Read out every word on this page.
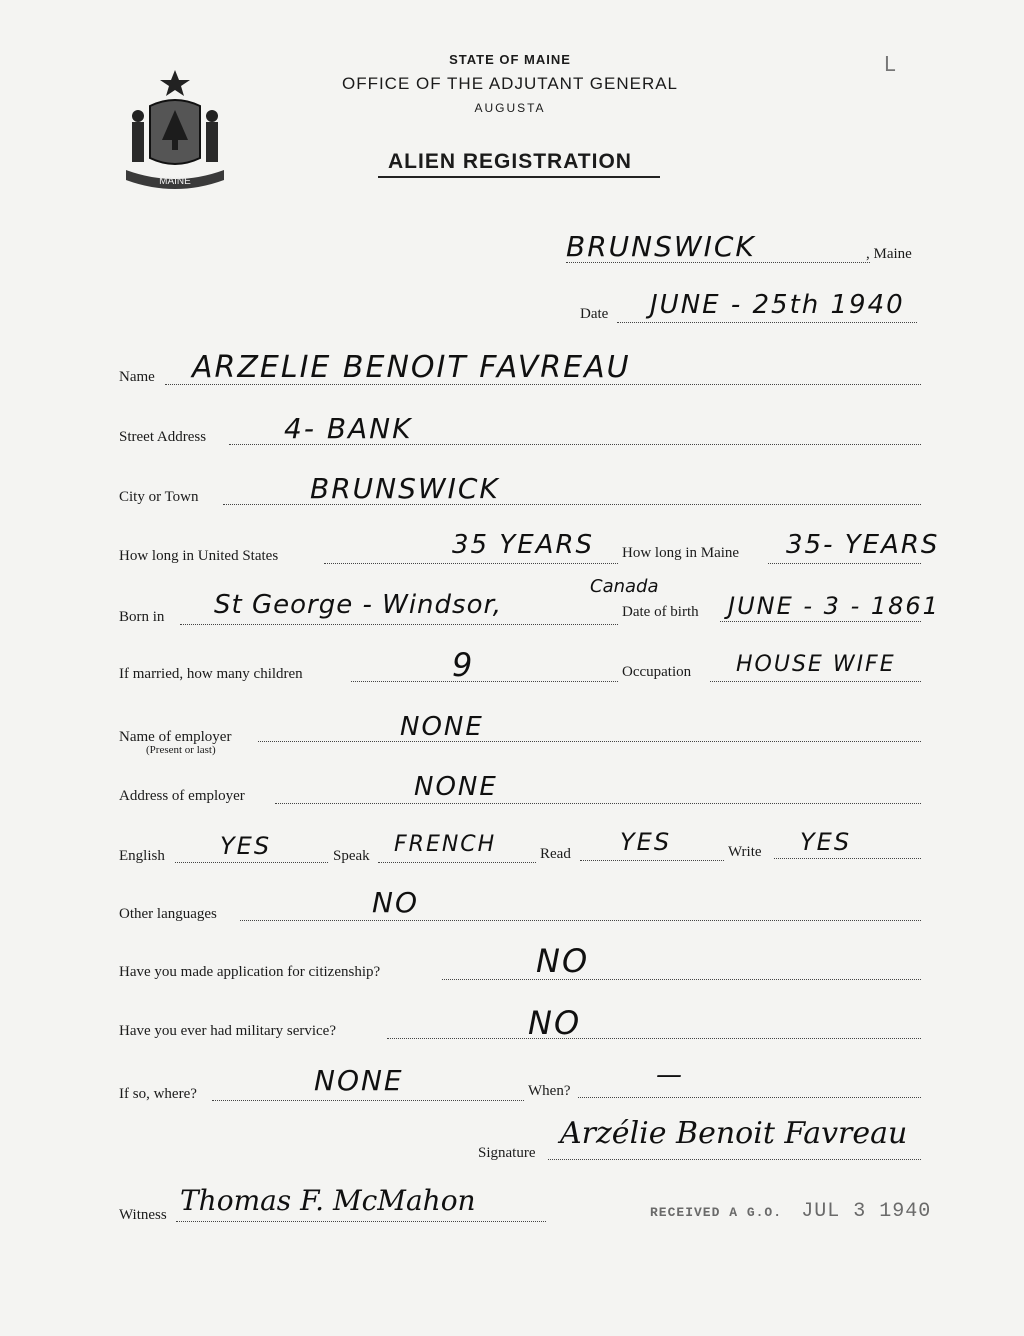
L
MAINE
STATE OF MAINE
OFFICE OF THE ADJUTANT GENERAL
AUGUSTA
ALIEN REGISTRATION
BRUNSWICK	, Maine
Date JUNE - 25th 1940
Name ARZELIE BENOIT FAVREAU
Street Address	4- BANK
City or Town	BRUNSWICK
How long in United States	35 YEARS How long in Maine 35- YEARS
Born in St George - Windsor,
Canada
Date of birth JUNE - 3 - 1861
If married, how many children	9	Occupation HOUSE WIFE
Name of employer
(Present or last)
NONE
Address of employer	NONE
English YES	Speak FRENCH	Read YES	Write YES
Other languages	NO
Have you made application for citizenship?	NO
Have you ever had military service?	NO
If so, where?	NONE	When?
—
Signature
Arzélie Benoit Favreau
Witness Thomas F. McMahon	RECEIVED A G.O. JUL 3 1940
